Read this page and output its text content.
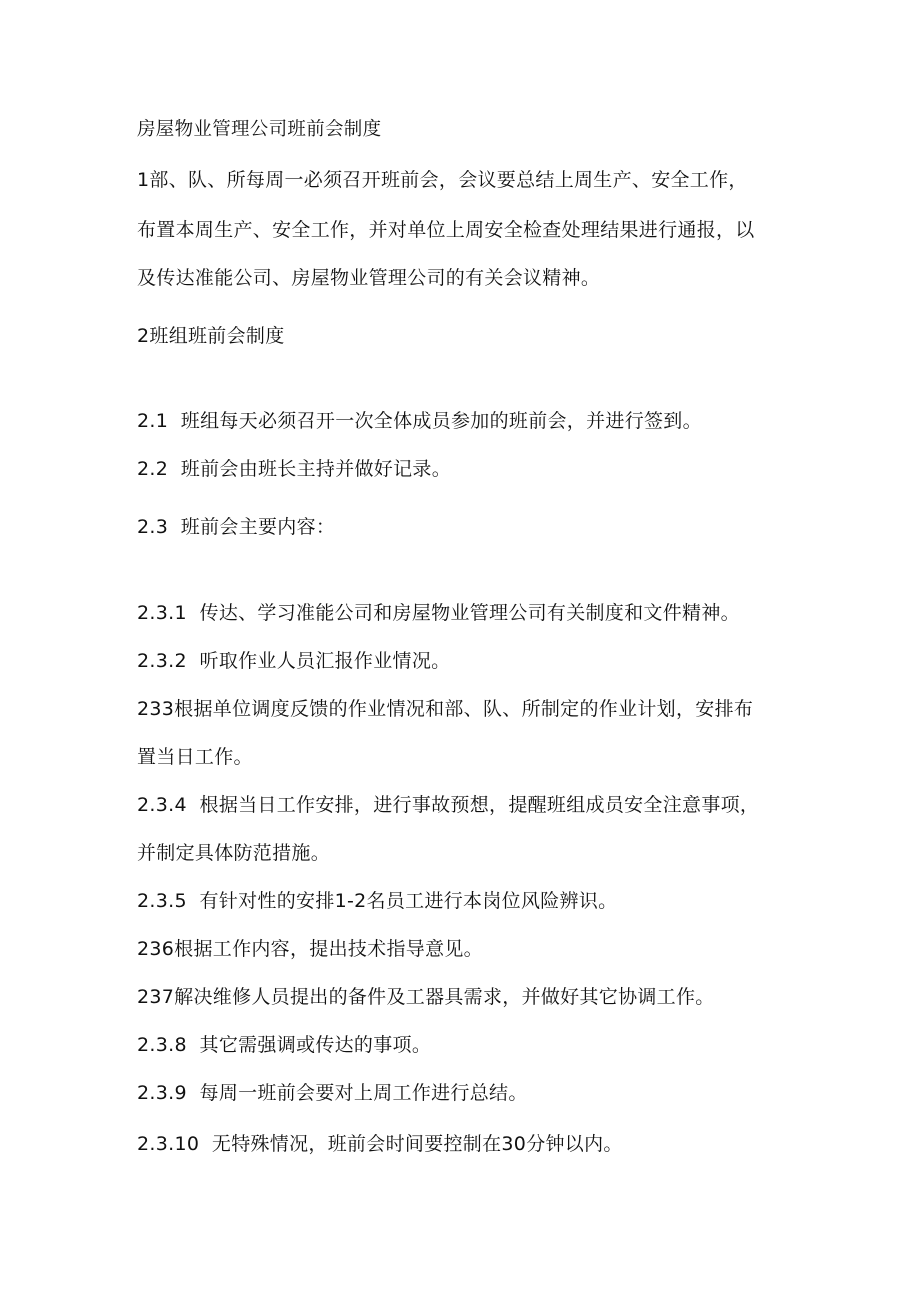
房屋物业管理公司班前会制度

1部、队、所每周一必须召开班前会，会议要总结上周生产、安全工作，

布置本周生产、安全工作，并对单位上周安全检查处理结果进行通报，以

及传达准能公司、房屋物业管理公司的有关会议精神。

2班组班前会制度

2.1  班组每天必须召开一次全体成员参加的班前会，并进行签到。

2.2  班前会由班长主持并做好记录。

2.3  班前会主要内容：

2.3.1  传达、学习准能公司和房屋物业管理公司有关制度和文件精神。

2.3.2  听取作业人员汇报作业情况。

233根据单位调度反馈的作业情况和部、队、所制定的作业计划，安排布

置当日工作。

2.3.4  根据当日工作安排，进行事故预想，提醒班组成员安全注意事项，

并制定具体防范措施。

2.3.5  有针对性的安排1-2名员工进行本岗位风险辨识。

236根据工作内容，提出技术指导意见。

237解决维修人员提出的备件及工器具需求，并做好其它协调工作。

2.3.8  其它需强调或传达的事项。

2.3.9  每周一班前会要对上周工作进行总结。

2.3.10  无特殊情况，班前会时间要控制在30分钟以内。
